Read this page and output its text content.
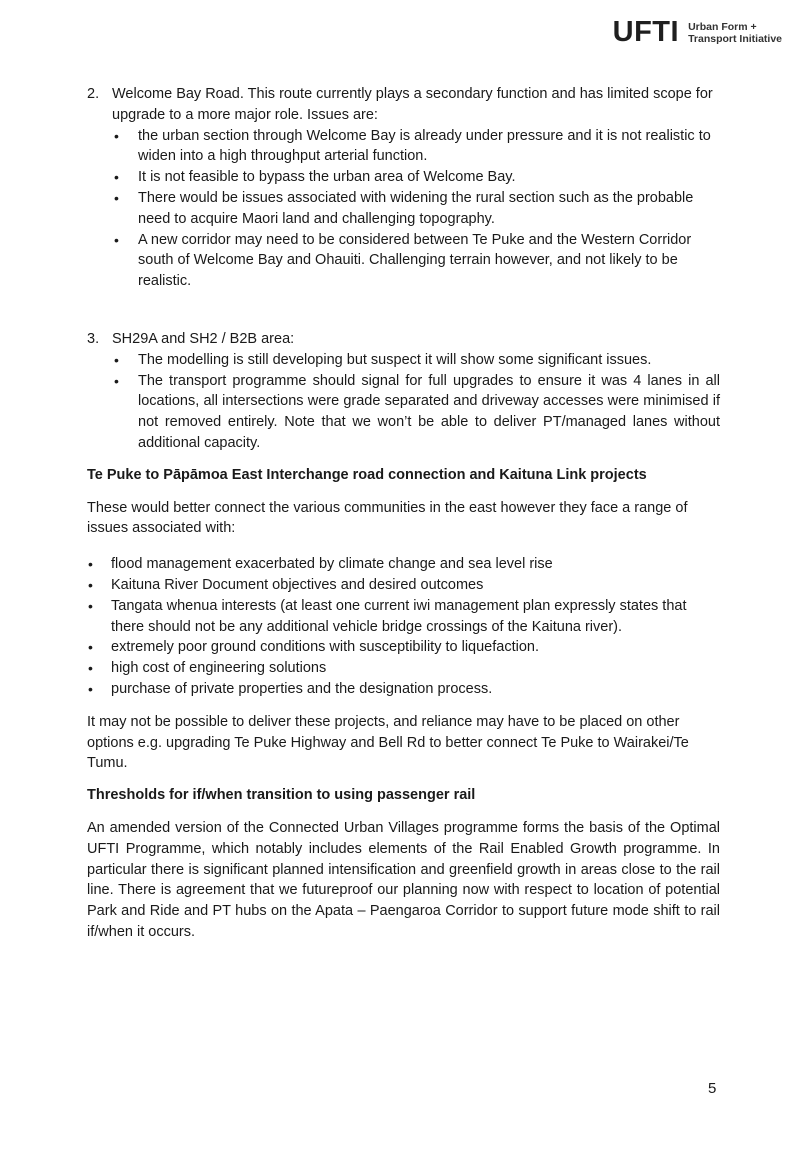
UFTI Urban Form +
Transport Initiative
2. Welcome Bay Road. This route currently plays a secondary function and has limited scope for upgrade to a more major role. Issues are:

• the urban section through Welcome Bay is already under pressure and it is not realistic to widen into a high throughput arterial function.
• It is not feasible to bypass the urban area of Welcome Bay.
• There would be issues associated with widening the rural section such as the probable need to acquire Maori land and challenging topography.
• A new corridor may need to be considered between Te Puke and the Western Corridor south of Welcome Bay and Ohauiti. Challenging terrain however, and not likely to be realistic.
3. SH29A and SH2 / B2B area:

• The modelling is still developing but suspect it will show some significant issues.
• The transport programme should signal for full upgrades to ensure it was 4 lanes in all locations, all intersections were grade separated and driveway accesses were minimised if not removed entirely. Note that we won’t be able to deliver PT/managed lanes without additional capacity.
Te Puke to Pāpāmoa East Interchange road connection and Kaituna Link projects

These would better connect the various communities in the east however they face a range of issues associated with:

• flood management exacerbated by climate change and sea level rise
• Kaituna River Document objectives and desired outcomes
• Tangata whenua interests (at least one current iwi management plan expressly states that there should not be any additional vehicle bridge crossings of the Kaituna river).
• extremely poor ground conditions with susceptibility to liquefaction.
• high cost of engineering solutions
• purchase of private properties and the designation process.

It may not be possible to deliver these projects, and reliance may have to be placed on other options e.g. upgrading Te Puke Highway and Bell Rd to better connect Te Puke to Wairakei/Te Tumu.

Thresholds for if/when transition to using passenger rail

An amended version of the Connected Urban Villages programme forms the basis of the Optimal UFTI Programme, which notably includes elements of the Rail Enabled Growth programme. In particular there is significant planned intensification and greenfield growth in areas close to the rail line. There is agreement that we futureproof our planning now with respect to location of potential Park and Ride and PT hubs on the Apata – Paengaroa Corridor to support future mode shift to rail if/when it occurs.

5
